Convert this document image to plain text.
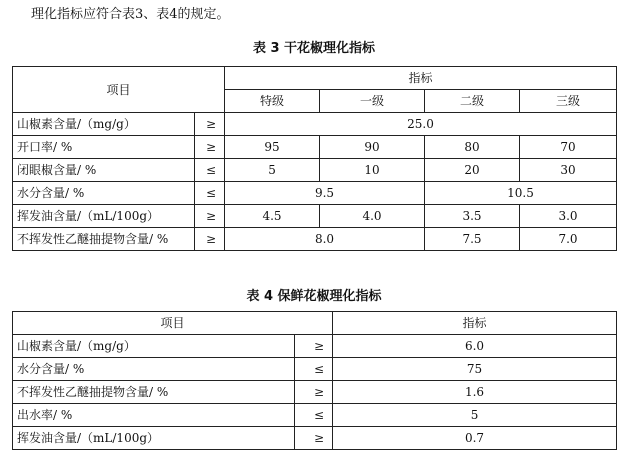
理化指标应符合表3、表4的规定。
表 3 干花椒理化指标
项目		指标			
		特级	一级	二级	三级
山椒素含量/（mg/g）	≥	25.0			
开口率/ %	≥	95	90	80	70
闭眼椒含量/ %	≤	5	10	20	30
水分含量/ %	≤	9.5		10.5	
挥发油含量/（mL/100g）	≥	4.5	4.0	3.5	3.0
不挥发性乙醚抽提物含量/ %	≥	8.0		7.5	7.0
表 4 保鲜花椒理化指标
项目		指标
山椒素含量/（mg/g）	≥	6.0
水分含量/ %	≤	75
不挥发性乙醚抽提物含量/ %	≥	1.6
出水率/ %	≤	5
挥发油含量/（mL/100g）	≥	0.7
